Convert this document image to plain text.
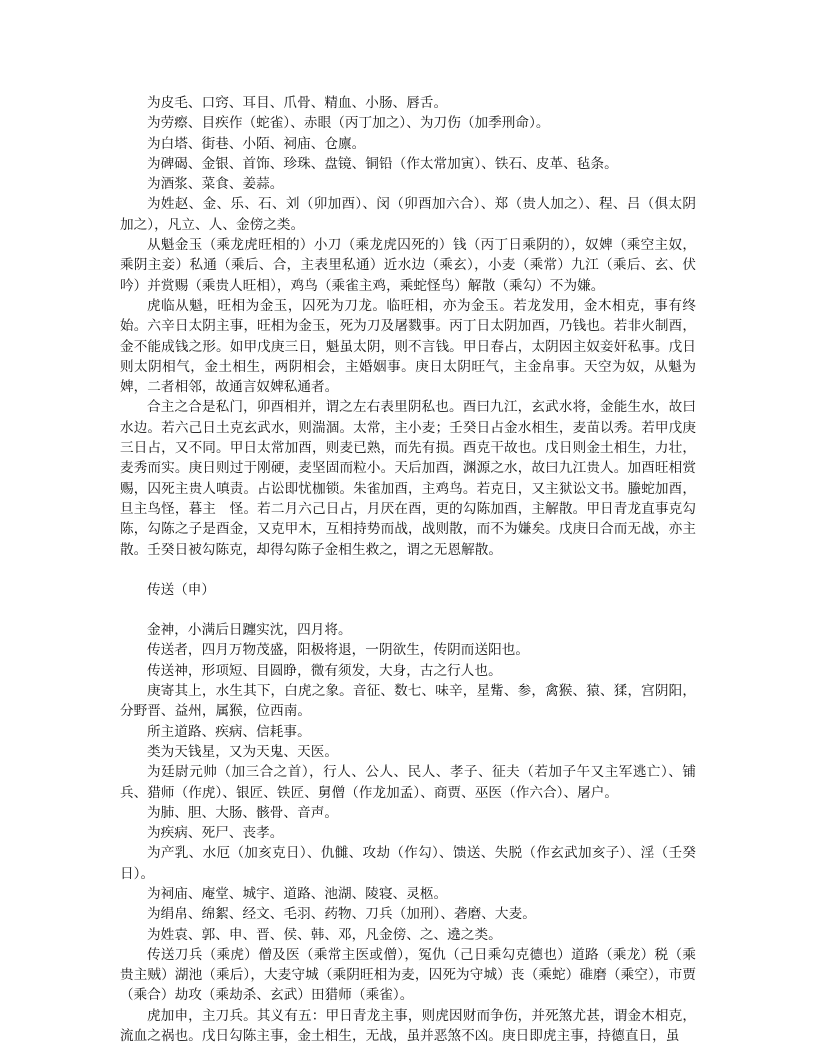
为皮毛、口窍、耳目、爪骨、精血、小肠、唇舌。

为劳瘵、目疾作（蛇雀）、赤眼（丙丁加之）、为刀伤（加季刑命）。

为白塔、街巷、小陌、祠庙、仓廪。

为碑碣、金银、首饰、珍珠、盘镜、铜铅（作太常加寅）、铁石、皮革、毡条。

为酒浆、菜食、姜蒜。

为姓赵、金、乐、石、刘（卯加酉）、闵（卯酉加六合）、郑（贵人加之）、程、吕（俱太阴加之），凡立、人、金傍之类。

从魁金玉（乘龙虎旺相的）小刀（乘龙虎囚死的）钱（丙丁日乘阴的），奴婢（乘空主奴，乘阴主妾）私通（乘后、合，主表里私通）近水边（乘玄），小麦（乘常）九江（乘后、玄、伏吟）并赏赐（乘贵人旺相），鸡鸟（乘雀主鸡，乘蛇怪鸟）解散（乘勾）不为嫌。

虎临从魁，旺相为金玉，囚死为刀龙。临旺相，亦为金玉。若龙发用，金木相克，事有终始。六辛日太阴主事，旺相为金玉，死为刀及屠戮事。丙丁日太阴加酉，乃钱也。若非火制酉，金不能成钱之形。如甲戊庚三日，魁虽太阴，则不言钱。甲日春占，太阴因主奴妾奸私事。戊日则太阴相气，金土相生，两阴相会，主婚姻事。庚日太阴旺气，主金帛事。天空为奴，从魁为婢，二者相邻，故通言奴婢私通者。

合主之合是私门，卯酉相并，谓之左右表里阴私也。酉曰九江，玄武水将，金能生水，故曰水边。若六己日土克玄武水，则湍涸。太常，主小麦；壬癸日占金水相生，麦苗以秀。若甲戊庚三日占，又不同。甲日太常加酉，则麦已熟，而先有损。酉克干故也。戊日则金土相生，力壮，麦秀而实。庚日则过于刚硬，麦坚固而粒小。天后加酉，渊源之水，故曰九江贵人。加酉旺相赏赐，囚死主贵人嗔责。占讼即忧枷锁。朱雀加酉，主鸡鸟。若克日，又主狱讼文书。螣蛇加酉，旦主鸟怪，暮主　怪。若二月六己日占，月厌在酉，更的勾陈加酉，主解散。甲日青龙直事克勾陈，勾陈之子是酉金，又克甲木，互相持势而战，战则散，而不为嫌矣。戊庚日合而无战，亦主散。壬癸日被勾陈克，却得勾陈子金相生救之，谓之无恩解散。

传送（申）

金神，小满后日躔实沈，四月将。

传送者，四月万物茂盛，阳极将退，一阴欲生，传阴而送阳也。

传送神，形项短、目圆睁，微有须发，大身，古之行人也。

庚寄其上，水生其下，白虎之象。音征、数七、味辛，星觜、参，禽猴、猿、猱，宫阴阳，分野晋、益州，属猴，位西南。

所主道路、疾病、信耗事。

类为天钱星，又为天鬼、天医。

为廷尉元帅（加三合之首），行人、公人、民人、孝子、征夫（若加子午又主军逃亡）、铺兵、猎师（作虎）、银匠、铁匠、舅僧（作龙加孟）、商贾、巫医（作六合）、屠户。

为肺、胆、大肠、骸骨、音声。

为疾病、死尸、丧孝。

为产乳、水厄（加亥克日）、仇雠、攻劫（作勾）、馈送、失脱（作玄武加亥子）、淫（壬癸日）。

为祠庙、庵堂、城宇、道路、池湖、陵寝、灵柩。

为绢帛、绵絮、经文、毛羽、药物、刀兵（加刑）、砻磨、大麦。

为姓袁、郭、申、晋、侯、韩、邓，凡金傍、之、遶之类。

传送刀兵（乘虎）僧及医（乘常主医或僧），冤仇（己日乘勾克德也）道路（乘龙）税（乘贵主贼）湖池（乘后），大麦守城（乘阴旺相为麦，囚死为守城）丧（乘蛇）碓磨（乘空），市贾（乘合）劫攻（乘劫杀、玄武）田猎师（乘雀）。

虎加申，主刀兵。其义有五：甲日青龙主事，则虎因财而争伤，并死煞尤甚，谓金木相克，流血之祸也。戊日勾陈主事，金土相生，无战，虽并恶煞不凶。庚日即虎主事，持德直日，虽
